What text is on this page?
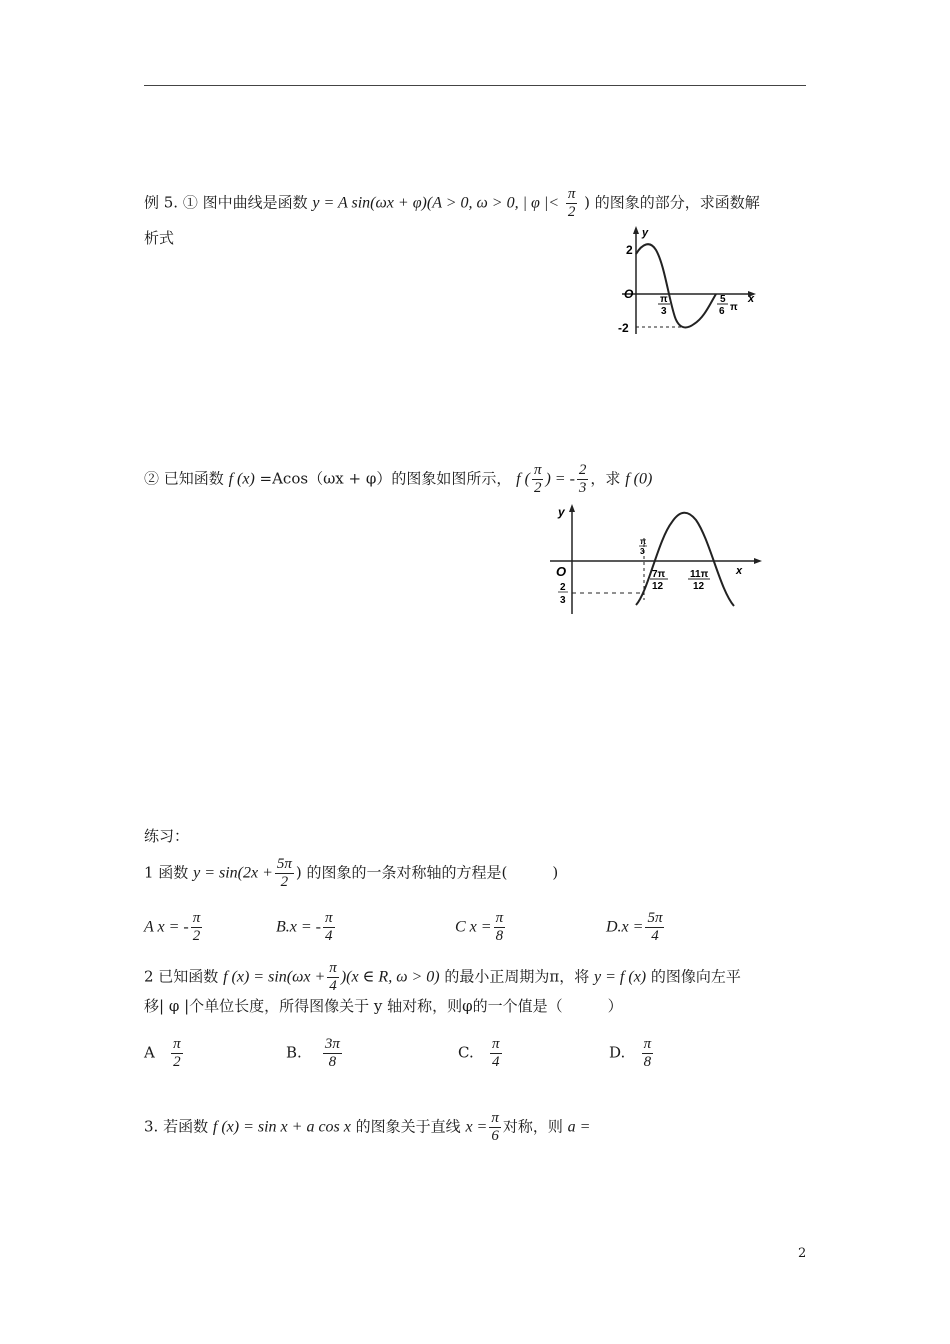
例 5. ① 图中曲线是函数 y = A sin(ωx + φ)(A > 0, ω > 0, | φ |< $\frac{\pi}{2}$ ) 的图象的部分，求函数解
析式
2
-2
O
y
x
π
3
5
6 π
② 已知函数 f (x) =Acos（ωx + φ）的图象如图所示， f ( $\frac{\pi}{2}$ ) = - $\frac{2}{3}$ ，求 f (0)
y
x
O
π
3
7π
12
11π
12
2
3
练习：
1 函数 $y = \sin(2x + \frac{5\pi}{2}$ ) 的图象的一条对称轴的方程是(　　　)
A x = - $\frac{\pi}{2}$	B.x = - $\frac{\pi}{4}$	C $x = \frac{\pi}{8}$	$D.x = \frac{5\pi}{4}$
2 已知函数 f $(x) = \sin(\omega x + \frac{\pi}{4} )(x$ ∈ R, ω > 0) 的最小正周期为π，将 y = f (x) 的图像向左平
移| φ |个单位长度，所得图像关于 y 轴对称，则φ的一个值是（　　　）
A $\frac{\pi}{2}$	B. $\frac{3\pi}{8}$	C. $\frac{\pi}{4}$	D. $\frac{\pi}{8}$
3. 若函数 f (x) = sin x + a cos x 的图象关于直线 $x = \frac{\pi}{6}$ 对称，则 a =
2
